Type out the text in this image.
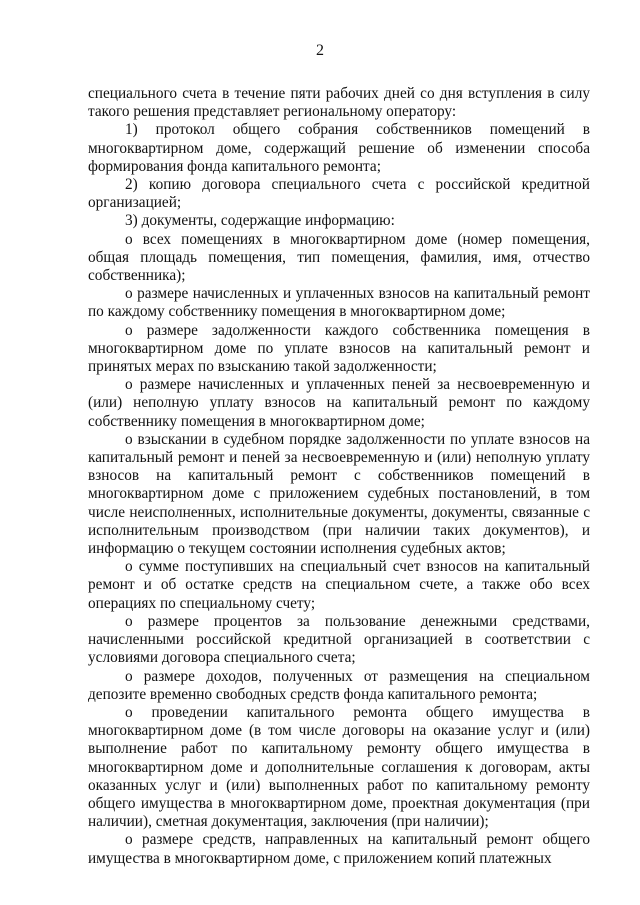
2

специального счета в течение пяти рабочих дней со дня вступления в силу такого решения представляет региональному оператору:

1) протокол общего собрания собственников помещений в многоквартирном доме, содержащий решение об изменении способа формирования фонда капитального ремонта;

2) копию договора специального счета с российской кредитной организацией;

3) документы, содержащие информацию:

о всех помещениях в многоквартирном доме (номер помещения, общая площадь помещения, тип помещения, фамилия, имя, отчество собственника);

о размере начисленных и уплаченных взносов на капитальный ремонт по каждому собственнику помещения в многоквартирном доме;

о размере задолженности каждого собственника помещения в многоквартирном доме по уплате взносов на капитальный ремонт и принятых мерах по взысканию такой задолженности;

о размере начисленных и уплаченных пеней за несвоевременную и (или) неполную уплату взносов на капитальный ремонт по каждому собственнику помещения в многоквартирном доме;

о взыскании в судебном порядке задолженности по уплате взносов на капитальный ремонт и пеней за несвоевременную и (или) неполную уплату взносов на капитальный ремонт с собственников помещений в многоквартирном доме с приложением судебных постановлений, в том числе неисполненных, исполнительные документы, документы, связанные с исполнительным производством (при наличии таких документов), и информацию о текущем состоянии исполнения судебных актов;

о сумме поступивших на специальный счет взносов на капитальный ремонт и об остатке средств на специальном счете, а также обо всех операциях по специальному счету;

о размере процентов за пользование денежными средствами, начисленными российской кредитной организацией в соответствии с условиями договора специального счета;

о размере доходов, полученных от размещения на специальном депозите временно свободных средств фонда капитального ремонта;

о проведении капитального ремонта общего имущества в многоквартирном доме (в том числе договоры на оказание услуг и (или) выполнение работ по капитальному ремонту общего имущества в многоквартирном доме и дополнительные соглашения к договорам, акты оказанных услуг и (или) выполненных работ по капитальному ремонту общего имущества в многоквартирном доме, проектная документация (при наличии), сметная документация, заключения (при наличии);

о размере средств, направленных на капитальный ремонт общего имущества в многоквартирном доме, с приложением копий платежных
